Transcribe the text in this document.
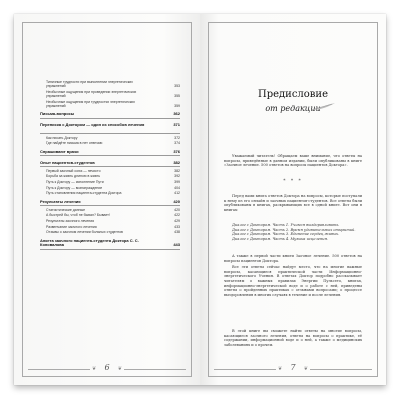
Типичные трудности при выполнении энергетических упражнений	353
Необычные ощущения при проведении энергетических упражнений	355
Необычные ощущения при трудностях энергетических упражнений	359
Письма-вопросы	362
Переписка с Доктором — один из способов лечения	371
Как писать Доктору	372
Где найдёте письма в нет отвечаю	374
Спрашивают врачи	376
Опыт пациентов-студентов	382
Первый заочный союз — нечисто	382
Борьба за жизнь длиною в жизнь	392
Путь к Доктору — исполнение Пути	399
Путь к Доктору — вознаграждение	404
Путь становления пациента-студента Доктора	412
Результаты лечения	420
Статистические данные	420
А быстрей бы, чтоб не бывал? Бывает!	422
Результаты заочного лечения	429
Развенчание заочного лечения	433
Отзывы о заочном лечении больных студентов	438
Анкета заочного пациента-студента Доктора С. С. Коновалова	443
❦	6	❦
Предисловие
от редакции

Уважаемый читатель! Обращаем ваше внимание, что ответы на вопросы, приведённые в данном издании, были опубликованы в книге «Заочное лечение. 500 ответов на вопросы пациентов Доктора».

* * *

Перед вами книга ответов Доктора на вопросы, которые поступали к нему из его онлайн и заочных пациентов-студентов. Все ответы были опубликованы в книгах, раскрывающих все в одной книге. Вот они в книгах:

Диалог с Доктором. Часть 1. Учимся выздоравливать.
Диалог с Доктором. Часть 2. Время удивительных открытий.
Диалог с Доктором. Часть 3. Единение сердец живых.
Диалог с Доктором. Часть 4. Музыка исцеления.

А также в первой части книги Заочное лечение. 500 ответов на вопросы пациентов Доктора.

Все эти ответы сейчас найдут место, что на многие важные вопросы, касающиеся практической части Информационно-энергетического Учения. В ответах Доктор подробно рассказывает читателям о важных правилах Энергии Пульсето, книгах, информационно-энергетической воде и о работе с ней, приведены ответы о пройденных практиках с отзывами вопросами; о процессе выздоровления в многих случаях в течение и после лечения.

В этой книге вы сможете найти ответы на многие вопросы, касающиеся заочного лечения, ответы на вопросы о практике, её содержании, информационной воде и о ней, а также о медицинских заболеваниях и о прочем.

❦	7	❦
